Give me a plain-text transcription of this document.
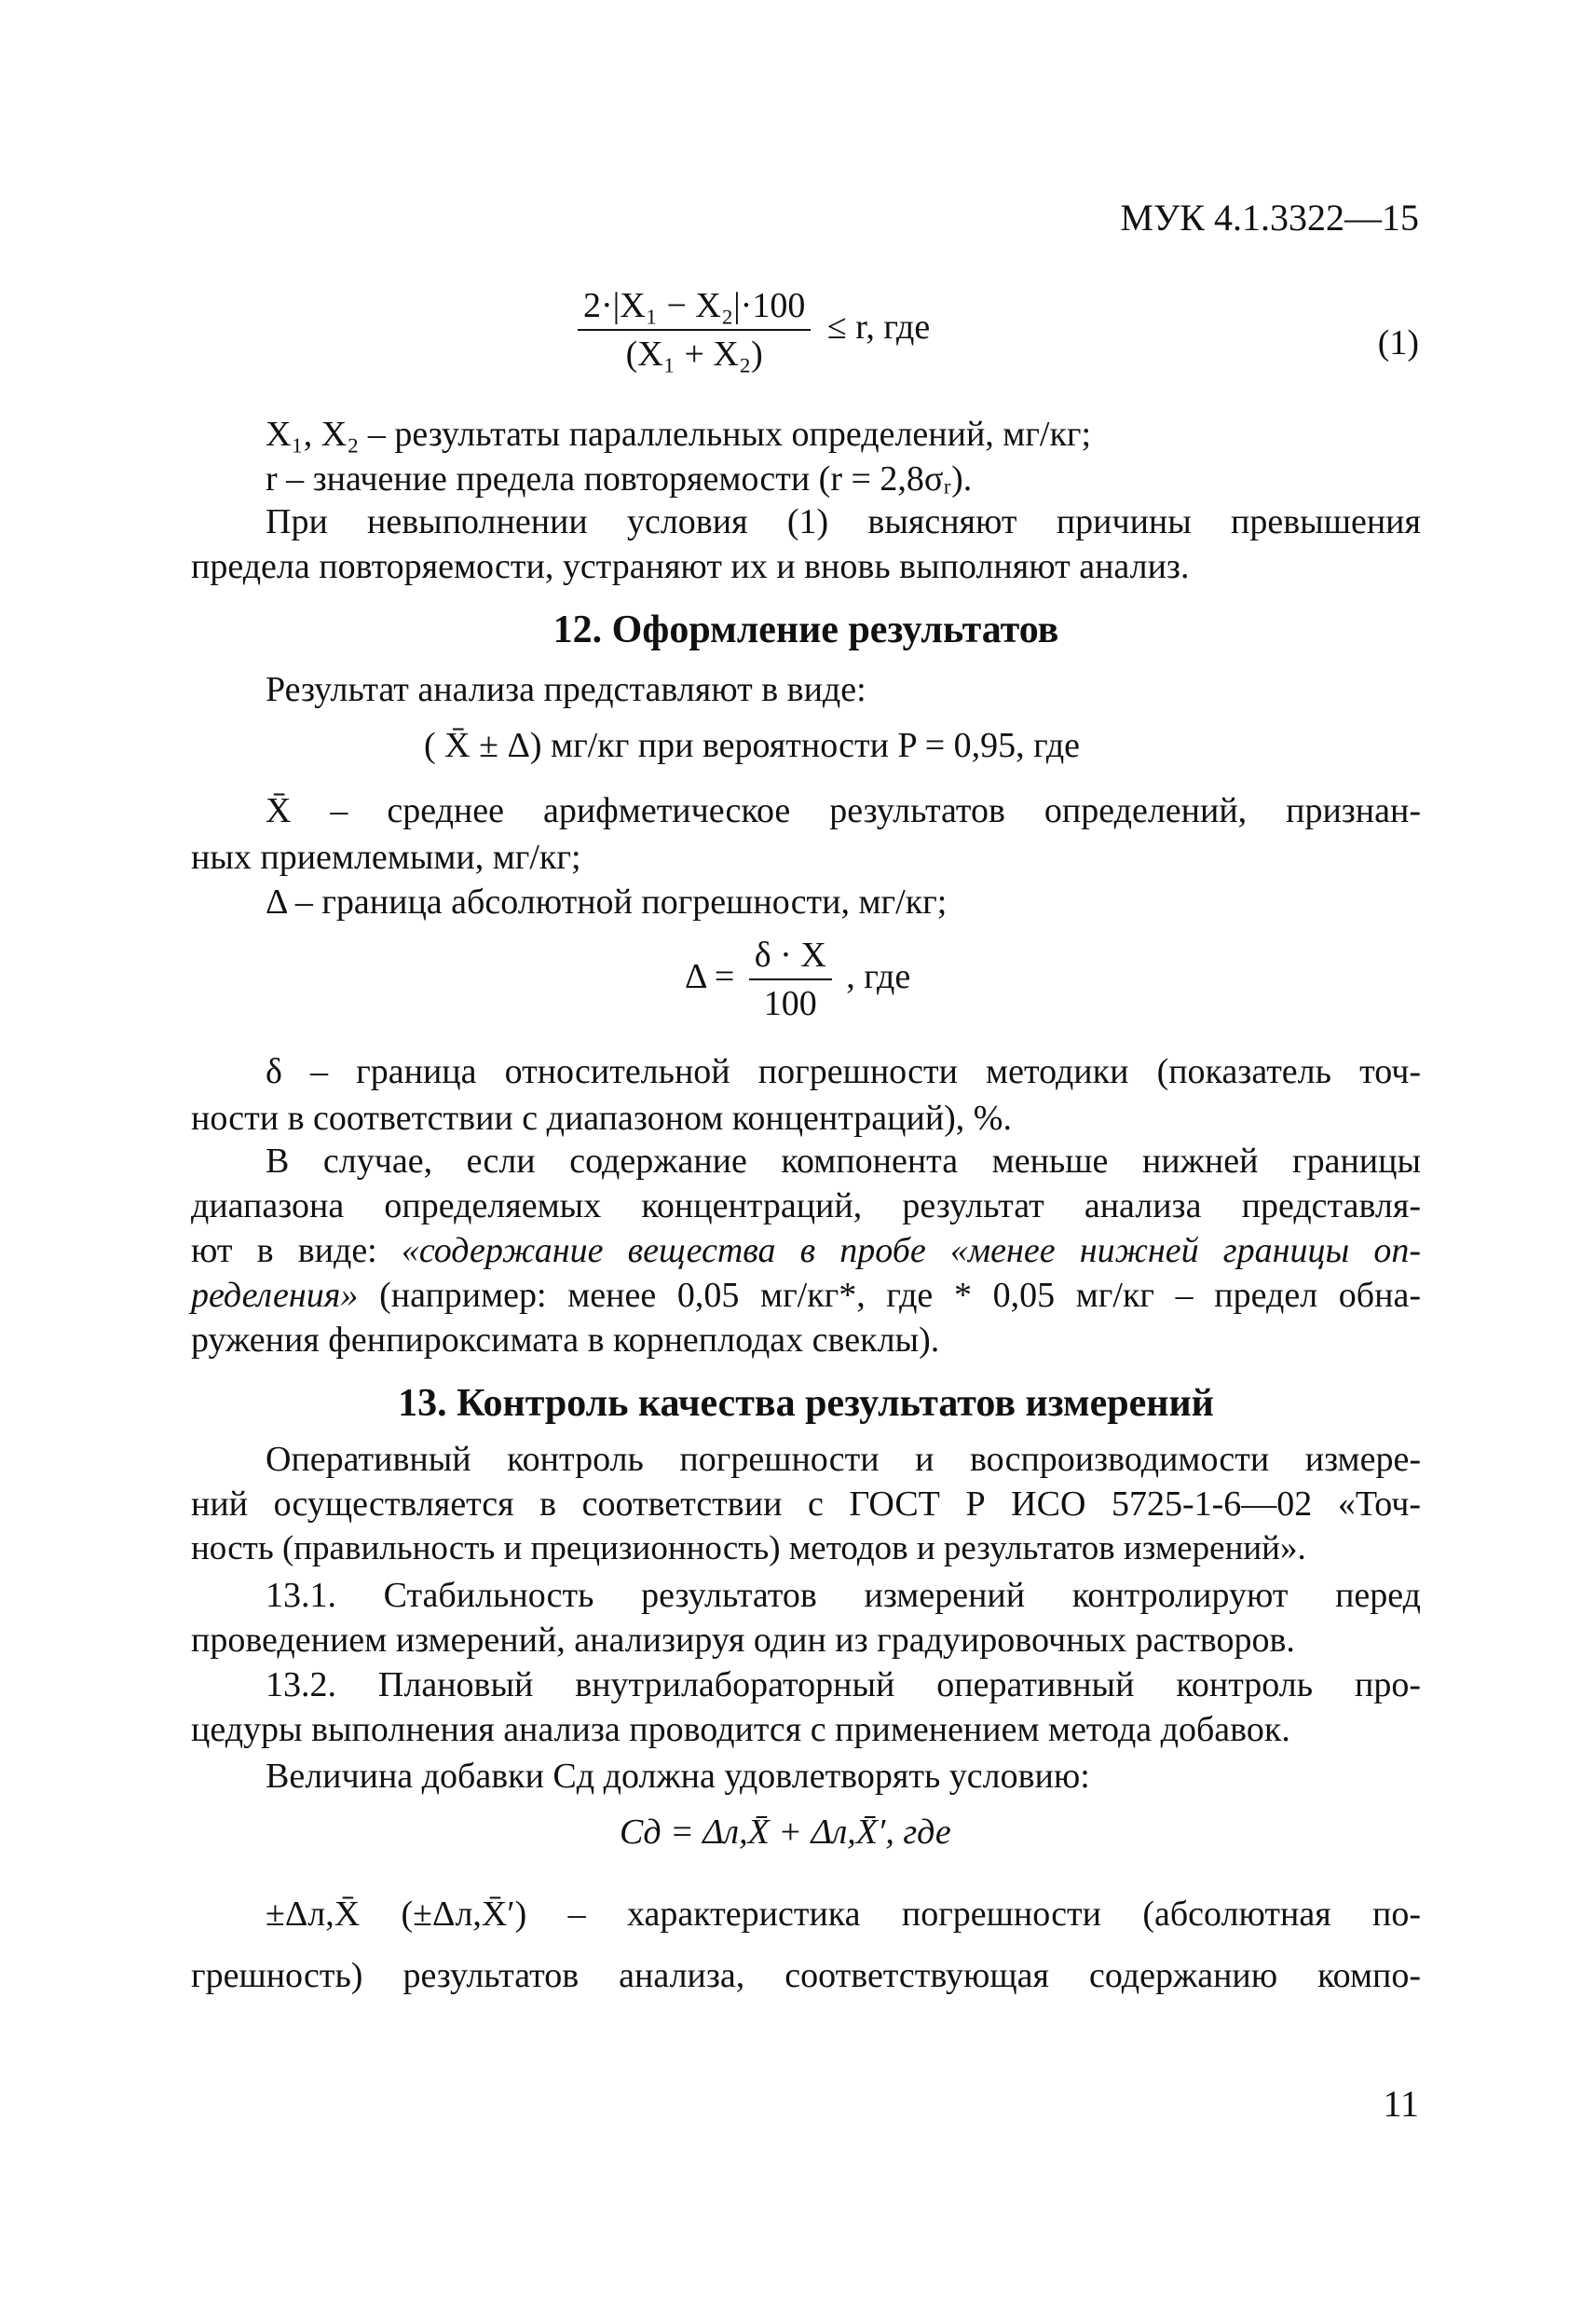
МУК 4.1.3322—15
$\frac{\text{2·|X₁ − X₂|·100}}{\text{(X₁ + X₂)}} \le r$, где	(1)
X₁, X₂ – результаты параллельных определений, мг/кг;
r – значение предела повторяемости (r = 2,8σᵣ).
При невыполнении условия (1) выясняют причины превышения
предела повторяемости, устраняют их и вновь выполняют анализ.
12. Оформление результатов
Результат анализа представляют в виде:
( X̄ ± Δ) мг/кг при вероятности P = 0,95, где
X̄ – среднее арифметическое результатов определений, признан-
ных приемлемыми, мг/кг;
Δ – граница абсолютной погрешности, мг/кг;
$\Delta = \frac{\delta \cdot X}{100}$ , где
δ – граница относительной погрешности методики (показатель точ-
ности в соответствии с диапазоном концентраций), %.
В случае, если содержание компонента меньше нижней границы
диапазона определяемых концентраций, результат анализа представля-
ют в виде: «содержание вещества в пробе «менее нижней границы оп-
ределения» (например: менее 0,05 мг/кг*, где * 0,05 мг/кг – предел обна-
ружения фенпироксимата в корнеплодах свеклы).
13. Контроль качества результатов измерений
Оперативный контроль погрешности и воспроизводимости измере-
ний осуществляется в соответствии с ГОСТ Р ИСО 5725-1-6—02 «Точ-
ность (правильность и прецизионность) методов и результатов измерений».
13.1. Стабильность результатов измерений контролируют перед
проведением измерений, анализируя один из градуировочных растворов.
13.2. Плановый внутрилабораторный оперативный контроль про-
цедуры выполнения анализа проводится с применением метода добавок.
Величина добавки Cд должна удовлетворять условию:
Cд = Δл,X̄ + Δл,X̄′, где
±Δл,X̄ (±Δл,X̄′) – характеристика погрешности (абсолютная по-
грешность) результатов анализа, соответствующая содержанию компо-
11
